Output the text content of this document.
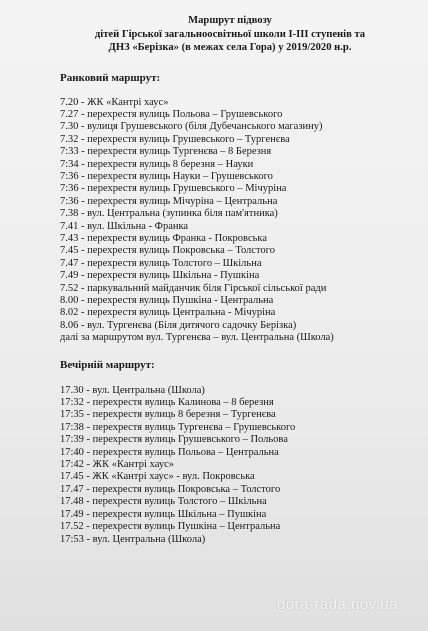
Маршрут підвозу
дітей Гірської загальноосвітньої школи І-ІІІ ступенів та
ДНЗ «Берізка» (в межах села Гора) у 2019/2020 н.р.
Ранковий маршрут:
7.20 - ЖК «Кантрі хаус»
7.27 - перехрестя вулиць Польова – Грушевського
7.30 - вулиця Грушевського (біля Дубечанського магазину)
7.32 - перехрестя вулиць Грушевського – Тургенєва
7:33 - перехрестя вулиць Тургенєва – 8 Березня
7:34 - перехрестя вулиць 8 березня – Науки
7:36 - перехрестя вулиць Науки – Грушевського
7:36 - перехрестя вулиць Грушевського – Мічуріна
7:36 - перехрестя вулиць Мічуріна – Центральна
7.38 - вул. Центральна (зупинка біля пам'ятника)
7.41 - вул. Шкільна - Франка
7.43 - перехрестя вулиць Франка - Покровська
7.45 - перехрестя вулиць Покровська – Толстого
7.47 - перехрестя вулиць Толстого – Шкільна
7.49 - перехрестя вулиць Шкільна - Пушкіна
7.52 - паркувальний майданчик біля Гірської сільської ради
8.00 - перехрестя вулиць Пушкіна - Центральна
8.02 - перехрестя вулиць Центральна - Мічуріна
8.06 - вул. Тургенєва (Біля дитячого садочку Берізка)
далі за маршрутом вул. Тургенєва – вул. Центральна (Школа)
Вечірній маршрут:
17.30 - вул. Центральна (Школа)
17:32 - перехрестя вулиць Калинова – 8 березня
17:35 - перехрестя вулиць 8 березня – Тургенєва
17:38 - перехрестя вулиць Тургенєва – Грушевського
17:39 - перехрестя вулиць Грушевського – Польова
17:40 - перехрестя вулиць Польова – Центральна
17:42 - ЖК «Кантрі хаус»
17.45 - ЖК «Кантрі хаус» - вул. Покровська
17.47 - перехрестя вулиць Покровська – Толстого
17.48 - перехрестя вулиць Толстого – Шкільна
17.49 - перехрестя вулиць Шкільна – Пушкіна
17.52 - перехрестя вулиць Пушкіна – Центральна
17:53 - вул. Центральна (Школа)
gora-rada.gov.ua
